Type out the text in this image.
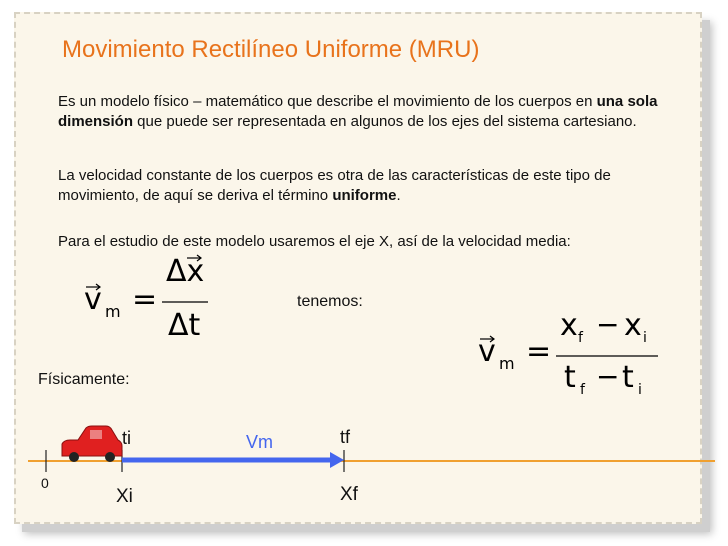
Movimiento Rectilíneo Uniforme (MRU)
Es un modelo físico – matemático que describe el movimiento de los cuerpos en una sola dimensión que puede ser representada en algunos de los ejes del sistema cartesiano.
La velocidad constante de los cuerpos es otra de las características de este tipo de movimiento, de aquí se deriva el término uniforme.
Para el estudio de este modelo usaremos el eje X, así de la velocidad media:
v m =
Δx
Δt
tenemos:
v m =
x f − x i
t f − t i
Físicamente:
ti	Vm	tf
0
Xi	Xf
